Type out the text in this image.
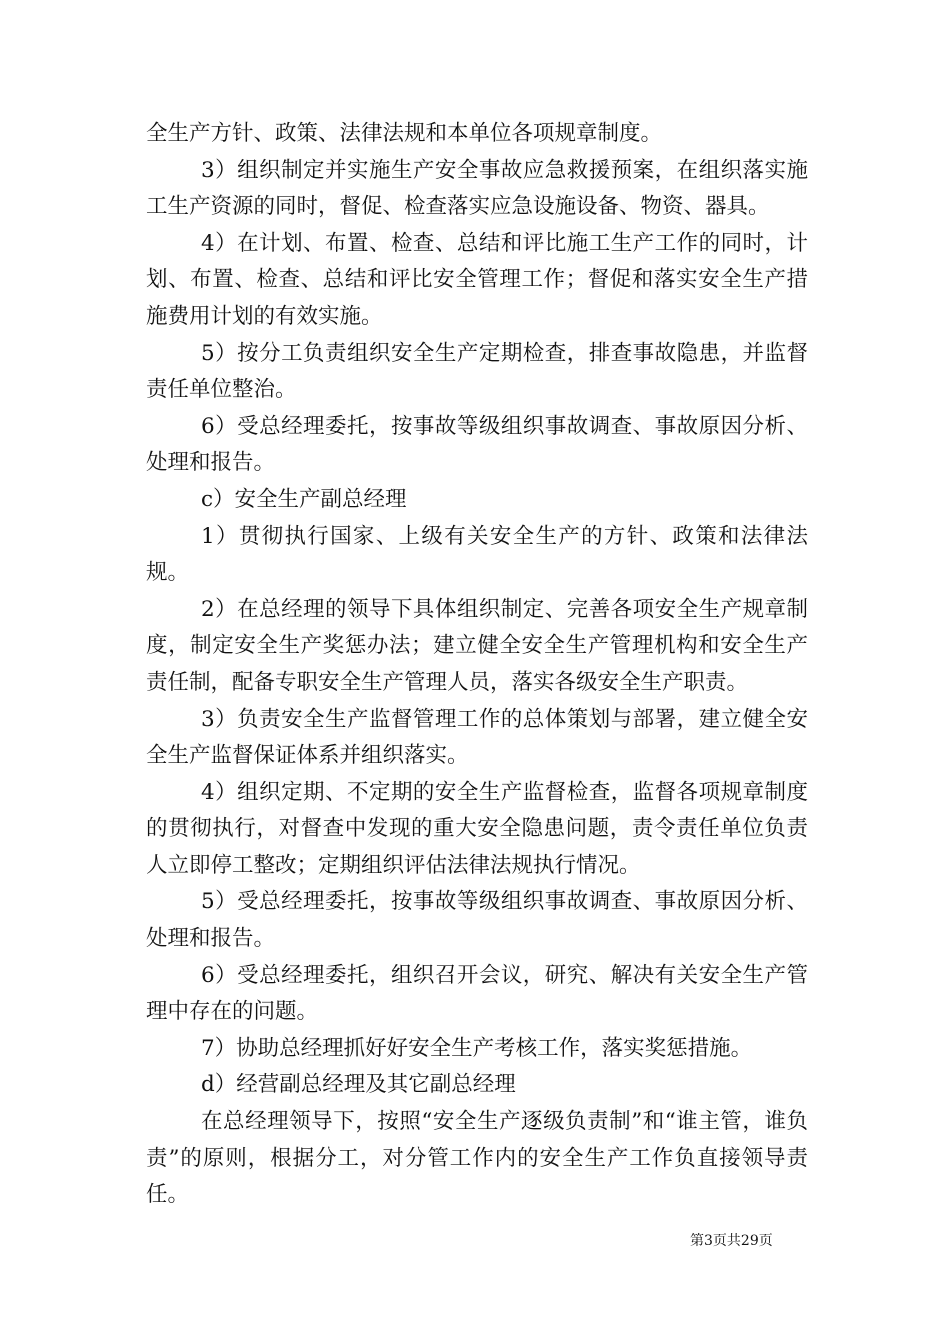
全生产方针、政策、法律法规和本单位各项规章制度。

3）组织制定并实施生产安全事故应急救援预案，在组织落实施工生产资源的同时，督促、检查落实应急设施设备、物资、器具。

4）在计划、布置、检查、总结和评比施工生产工作的同时，计划、布置、检查、总结和评比安全管理工作；督促和落实安全生产措施费用计划的有效实施。

5）按分工负责组织安全生产定期检查，排查事故隐患，并监督责任单位整治。

6）受总经理委托，按事故等级组织事故调查、事故原因分析、处理和报告。

c）安全生产副总经理

1）贯彻执行国家、上级有关安全生产的方针、政策和法律法规。

2）在总经理的领导下具体组织制定、完善各项安全生产规章制度，制定安全生产奖惩办法；建立健全安全生产管理机构和安全生产责任制，配备专职安全生产管理人员，落实各级安全生产职责。

3）负责安全生产监督管理工作的总体策划与部署，建立健全安全生产监督保证体系并组织落实。

4）组织定期、不定期的安全生产监督检查，监督各项规章制度的贯彻执行，对督查中发现的重大安全隐患问题，责令责任单位负责人立即停工整改；定期组织评估法律法规执行情况。

5）受总经理委托，按事故等级组织事故调查、事故原因分析、处理和报告。

6）受总经理委托，组织召开会议，研究、解决有关安全生产管理中存在的问题。

7）协助总经理抓好好安全生产考核工作，落实奖惩措施。

d）经营副总经理及其它副总经理

在总经理领导下，按照“安全生产逐级负责制”和“谁主管，谁负责”的原则，根据分工，对分管工作内的安全生产工作负直接领导责任。

第3页共29页
